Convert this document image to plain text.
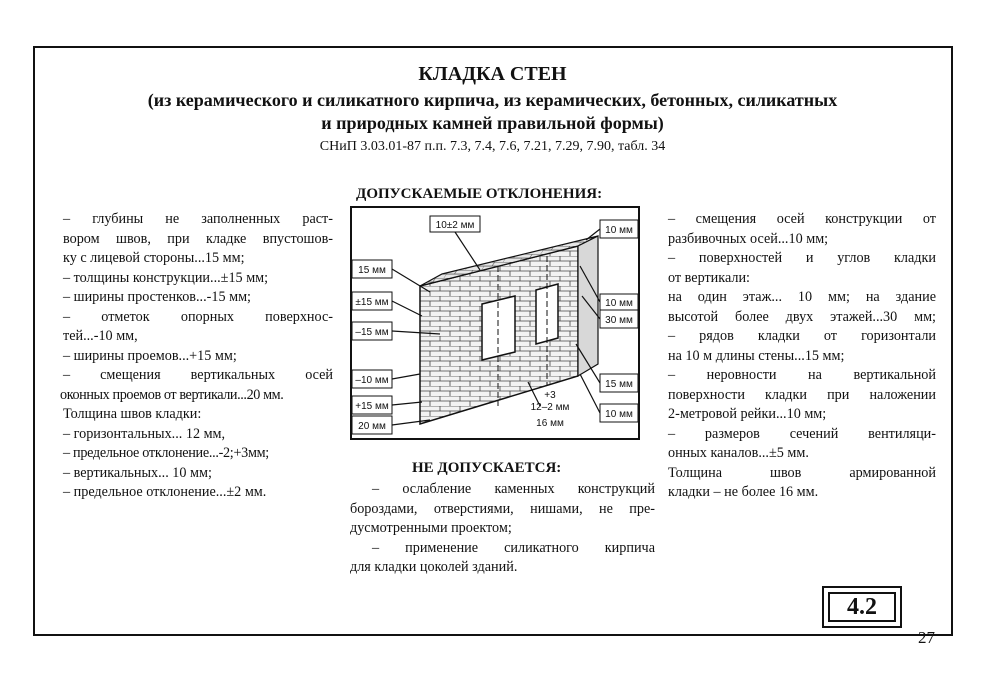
КЛАДКА СТЕН
(из керамического и силикатного кирпича, из керамических, бетонных, силикатных
и природных камней правильной формы)
СНиП 3.03.01-87 п.п. 7.3, 7.4, 7.6, 7.21, 7.29, 7.90, табл. 34
ДОПУСКАЕМЫЕ ОТКЛОНЕНИЯ:

– глубины не заполненных раст-

вором швов, при кладке впустошов-

ку с лицевой стороны...15 мм;

– толщины конструкции...±15 мм;

– ширины простенков...-15 мм;

– отметок опорных поверхнос-

тей...-10 мм,

– ширины проемов...+15 мм;

– смещения вертикальных осей

оконных проемов от вертикали...20 мм.

Толщина швов кладки:

– горизонтальных... 12 мм,

– предельное отклонение...-2;+3мм;

– вертикальных... 10 мм;

– предельное отклонение...±2 мм.

– смещения осей конструкции от

разбивочных осей...10 мм;

– поверхностей и углов кладки

от вертикали:

на один этаж... 10 мм; на здание

высотой более двух этажей...30 мм;

– рядов кладки от горизонтали

на 10 м длины стены...15 мм;

– неровности на вертикальной

поверхности кладки при наложении

2-метровой рейки...10 мм;

– размеров сечений вентиляци-

онных каналов...±5 мм.

Толщина швов армированной

кладки – не более 16 мм.

10±2 мм
15 мм
±15 мм
–15 мм
–10 мм
+15 мм
20 мм
10 мм
10 мм
30 мм
15 мм
10 мм
+3
12–2 мм
16 мм
НЕ ДОПУСКАЕТСЯ:

– ослабление каменных конструкций

бороздами, отверстиями, нишами, не пре-

дусмотренными проектом;

– применение силикатного кирпича

для кладки цоколей зданий.

4.2
27
